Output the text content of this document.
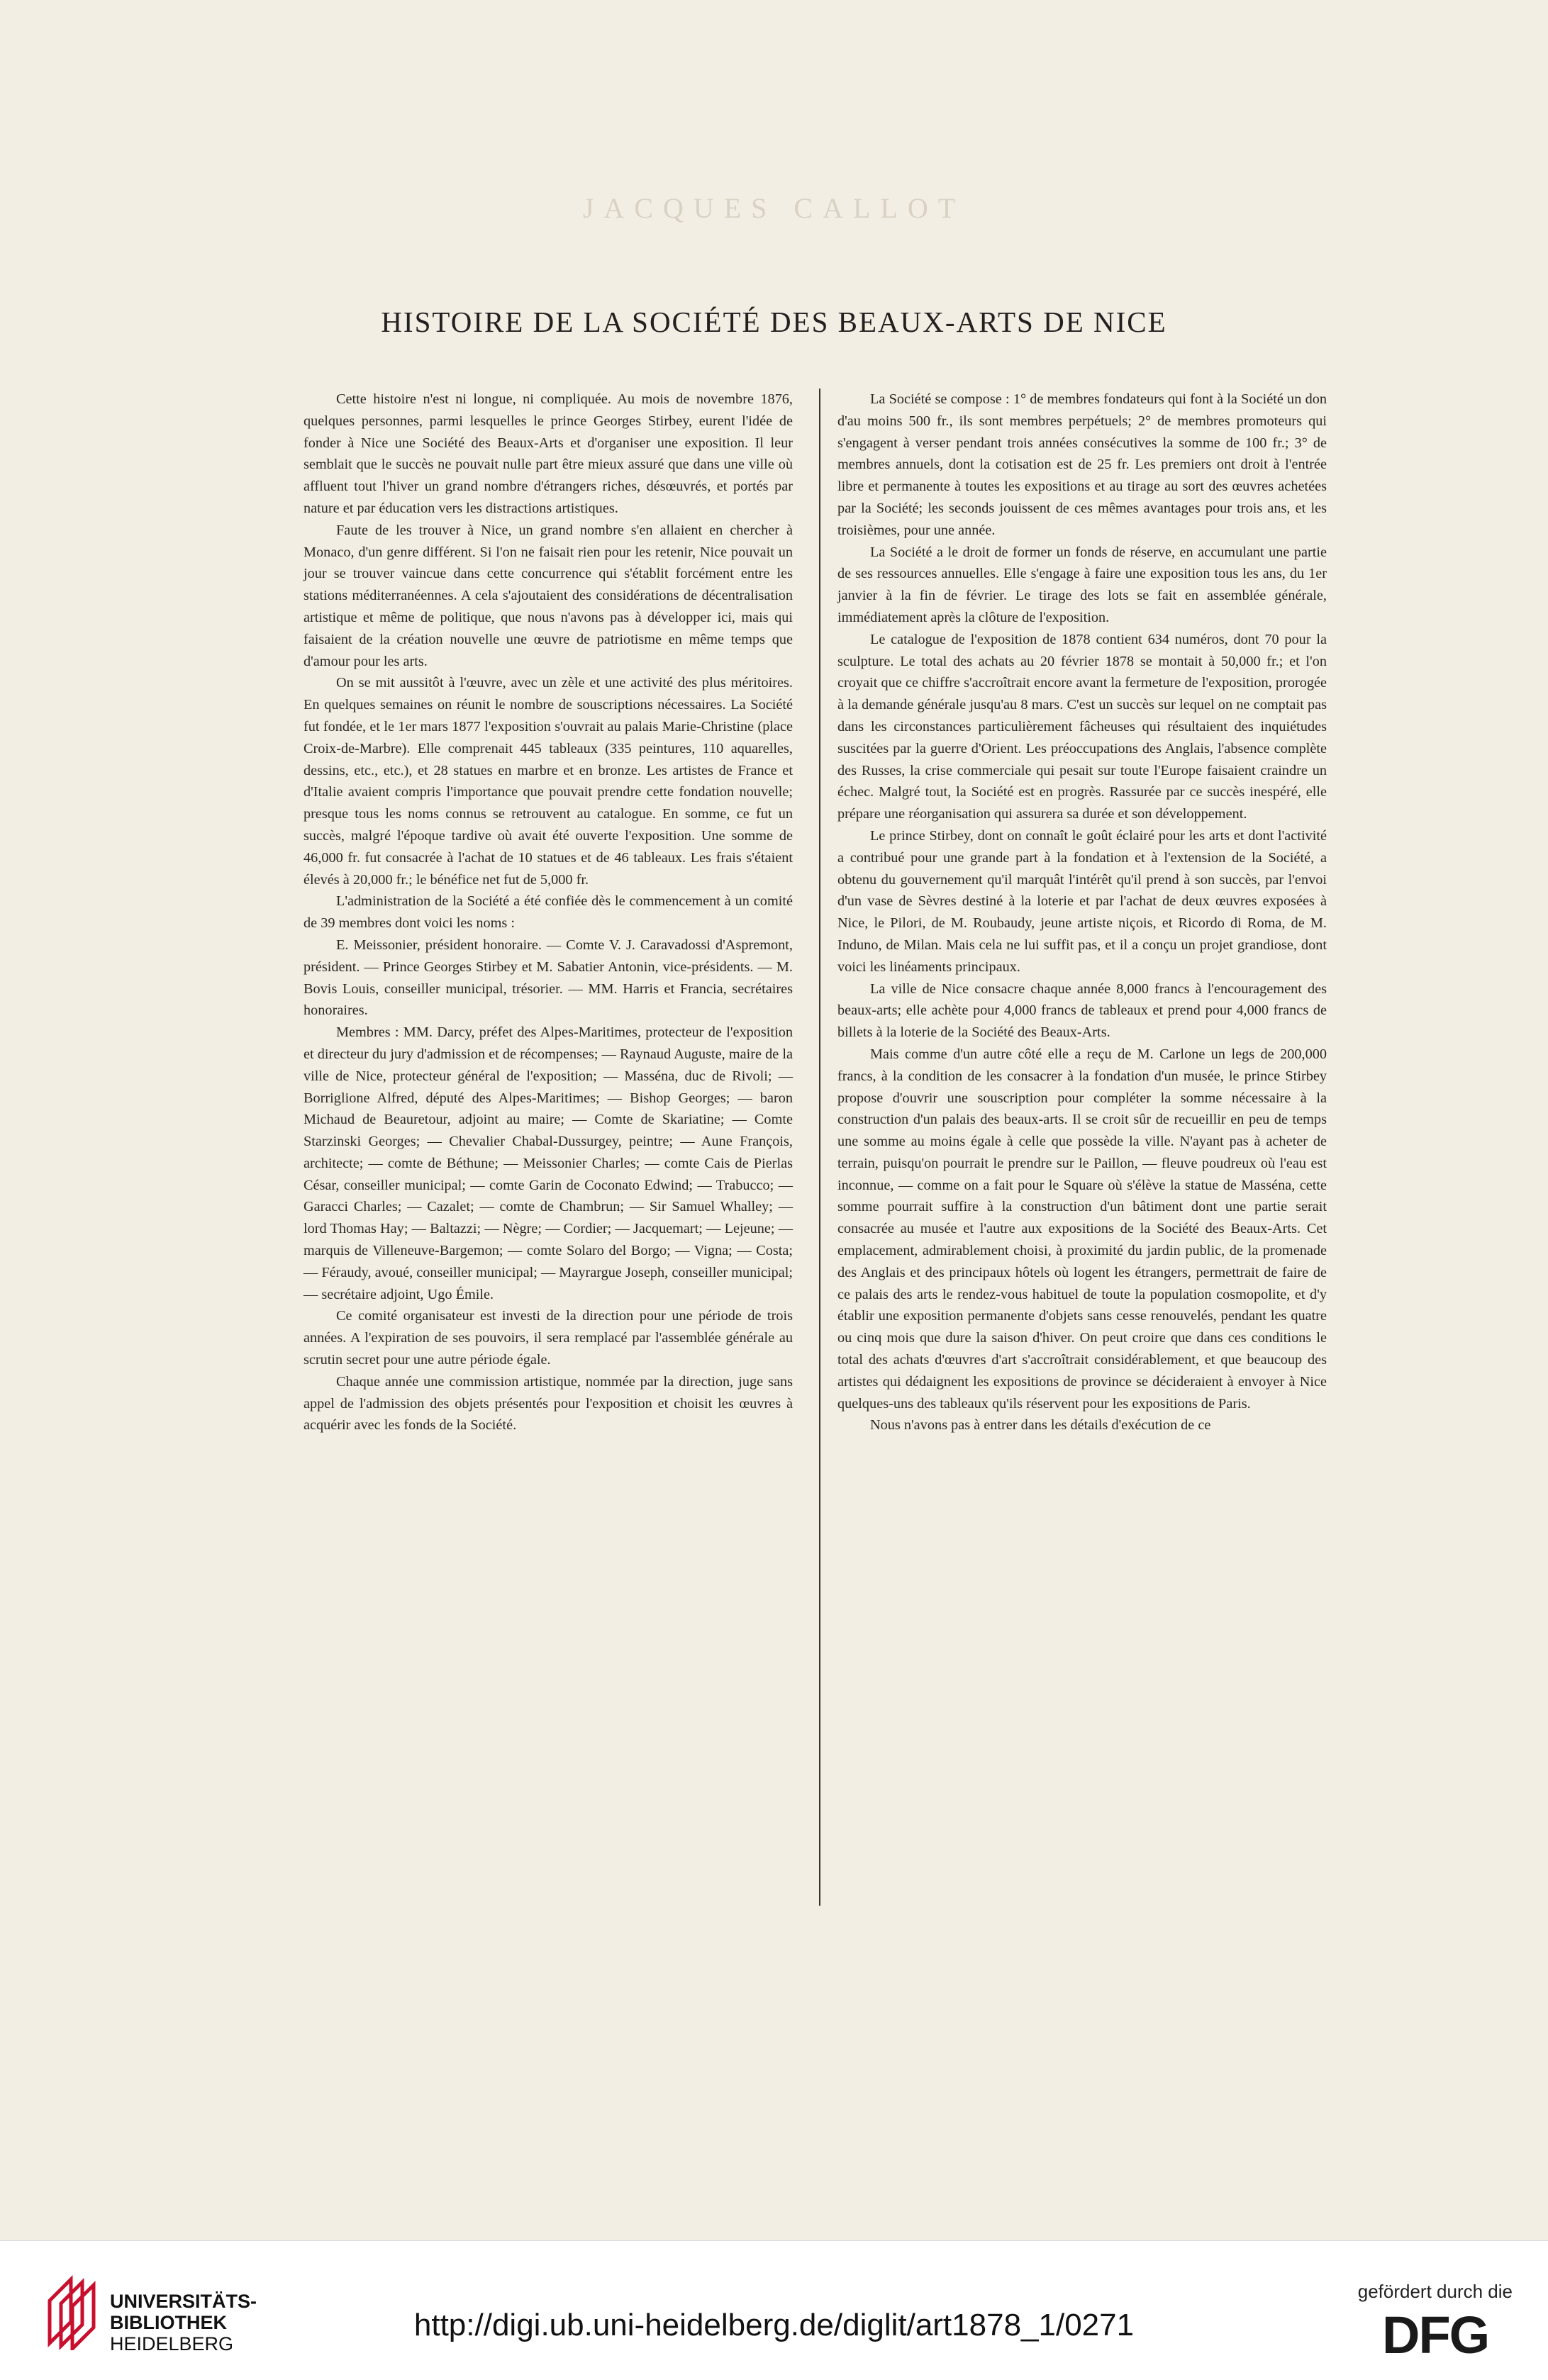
JACQUES CALLOT
HISTOIRE DE LA SOCIÉTÉ DES BEAUX-ARTS DE NICE

Cette histoire n'est ni longue, ni compliquée. Au mois de novembre 1876, quelques personnes, parmi lesquelles le prince Georges Stirbey, eurent l'idée de fonder à Nice une Société des Beaux-Arts et d'organiser une exposition. Il leur semblait que le succès ne pouvait nulle part être mieux assuré que dans une ville où affluent tout l'hiver un grand nombre d'étrangers riches, désœuvrés, et portés par nature et par éducation vers les distractions artistiques.

Faute de les trouver à Nice, un grand nombre s'en allaient en chercher à Monaco, d'un genre différent. Si l'on ne faisait rien pour les retenir, Nice pouvait un jour se trouver vaincue dans cette concurrence qui s'établit forcément entre les stations méditerranéennes. A cela s'ajoutaient des considérations de décentralisation artistique et même de politique, que nous n'avons pas à développer ici, mais qui faisaient de la création nouvelle une œuvre de patriotisme en même temps que d'amour pour les arts.

On se mit aussitôt à l'œuvre, avec un zèle et une activité des plus méritoires. En quelques semaines on réunit le nombre de souscriptions nécessaires. La Société fut fondée, et le 1er mars 1877 l'exposition s'ouvrait au palais Marie-Christine (place Croix-de-Marbre). Elle comprenait 445 tableaux (335 peintures, 110 aquarelles, dessins, etc., etc.), et 28 statues en marbre et en bronze. Les artistes de France et d'Italie avaient compris l'importance que pouvait prendre cette fondation nouvelle; presque tous les noms connus se retrouvent au catalogue. En somme, ce fut un succès, malgré l'époque tardive où avait été ouverte l'exposition. Une somme de 46,000 fr. fut consacrée à l'achat de 10 statues et de 46 tableaux. Les frais s'étaient élevés à 20,000 fr.; le bénéfice net fut de 5,000 fr.

L'administration de la Société a été confiée dès le commencement à un comité de 39 membres dont voici les noms :

E. Meissonier, président honoraire. — Comte V. J. Caravadossi d'Aspremont, président. — Prince Georges Stirbey et M. Sabatier Antonin, vice-présidents. — M. Bovis Louis, conseiller municipal, trésorier. — MM. Harris et Francia, secrétaires honoraires.

Membres : MM. Darcy, préfet des Alpes-Maritimes, protecteur de l'exposition et directeur du jury d'admission et de récompenses; — Raynaud Auguste, maire de la ville de Nice, protecteur général de l'exposition; — Masséna, duc de Rivoli; — Borriglione Alfred, député des Alpes-Maritimes; — Bishop Georges; — baron Michaud de Beauretour, adjoint au maire; — Comte de Skariatine; — Comte Starzinski Georges; — Chevalier Chabal-Dussurgey, peintre; — Aune François, architecte; — comte de Béthune; — Meissonier Charles; — comte Cais de Pierlas César, conseiller municipal; — comte Garin de Coconato Edwind; — Trabucco; — Garacci Charles; — Cazalet; — comte de Chambrun; — Sir Samuel Whalley; — lord Thomas Hay; — Baltazzi; — Nègre; — Cordier; — Jacquemart; — Lejeune; — marquis de Villeneuve-Bargemon; — comte Solaro del Borgo; — Vigna; — Costa; — Féraudy, avoué, conseiller municipal; — Mayrargue Joseph, conseiller municipal; — secrétaire adjoint, Ugo Émile.

Ce comité organisateur est investi de la direction pour une période de trois années. A l'expiration de ses pouvoirs, il sera remplacé par l'assemblée générale au scrutin secret pour une autre période égale.

Chaque année une commission artistique, nommée par la direction, juge sans appel de l'admission des objets présentés pour l'exposition et choisit les œuvres à acquérir avec les fonds de la Société.

La Société se compose : 1° de membres fondateurs qui font à la Société un don d'au moins 500 fr., ils sont membres perpétuels; 2° de membres promoteurs qui s'engagent à verser pendant trois années consécutives la somme de 100 fr.; 3° de membres annuels, dont la cotisation est de 25 fr. Les premiers ont droit à l'entrée libre et permanente à toutes les expositions et au tirage au sort des œuvres achetées par la Société; les seconds jouissent de ces mêmes avantages pour trois ans, et les troisièmes, pour une année.

La Société a le droit de former un fonds de réserve, en accumulant une partie de ses ressources annuelles. Elle s'engage à faire une exposition tous les ans, du 1er janvier à la fin de février. Le tirage des lots se fait en assemblée générale, immédiatement après la clôture de l'exposition.

Le catalogue de l'exposition de 1878 contient 634 numéros, dont 70 pour la sculpture. Le total des achats au 20 février 1878 se montait à 50,000 fr.; et l'on croyait que ce chiffre s'accroîtrait encore avant la fermeture de l'exposition, prorogée à la demande générale jusqu'au 8 mars. C'est un succès sur lequel on ne comptait pas dans les circonstances particulièrement fâcheuses qui résultaient des inquiétudes suscitées par la guerre d'Orient. Les préoccupations des Anglais, l'absence complète des Russes, la crise commerciale qui pesait sur toute l'Europe faisaient craindre un échec. Malgré tout, la Société est en progrès. Rassurée par ce succès inespéré, elle prépare une réorganisation qui assurera sa durée et son développement.

Le prince Stirbey, dont on connaît le goût éclairé pour les arts et dont l'activité a contribué pour une grande part à la fondation et à l'extension de la Société, a obtenu du gouvernement qu'il marquât l'intérêt qu'il prend à son succès, par l'envoi d'un vase de Sèvres destiné à la loterie et par l'achat de deux œuvres exposées à Nice, le Pilori, de M. Roubaudy, jeune artiste niçois, et Ricordo di Roma, de M. Induno, de Milan. Mais cela ne lui suffit pas, et il a conçu un projet grandiose, dont voici les linéaments principaux.

La ville de Nice consacre chaque année 8,000 francs à l'encouragement des beaux-arts; elle achète pour 4,000 francs de tableaux et prend pour 4,000 francs de billets à la loterie de la Société des Beaux-Arts.

Mais comme d'un autre côté elle a reçu de M. Carlone un legs de 200,000 francs, à la condition de les consacrer à la fondation d'un musée, le prince Stirbey propose d'ouvrir une souscription pour compléter la somme nécessaire à la construction d'un palais des beaux-arts. Il se croit sûr de recueillir en peu de temps une somme au moins égale à celle que possède la ville. N'ayant pas à acheter de terrain, puisqu'on pourrait le prendre sur le Paillon, — fleuve poudreux où l'eau est inconnue, — comme on a fait pour le Square où s'élève la statue de Masséna, cette somme pourrait suffire à la construction d'un bâtiment dont une partie serait consacrée au musée et l'autre aux expositions de la Société des Beaux-Arts. Cet emplacement, admirablement choisi, à proximité du jardin public, de la promenade des Anglais et des principaux hôtels où logent les étrangers, permettrait de faire de ce palais des arts le rendez-vous habituel de toute la population cosmopolite, et d'y établir une exposition permanente d'objets sans cesse renouvelés, pendant les quatre ou cinq mois que dure la saison d'hiver. On peut croire que dans ces conditions le total des achats d'œuvres d'art s'accroîtrait considérablement, et que beaucoup des artistes qui dédaignent les expositions de province se décideraient à envoyer à Nice quelques-uns des tableaux qu'ils réservent pour les expositions de Paris.

Nous n'avons pas à entrer dans les détails d'exécution de ce

UNIVERSITÄTS-
BIBLIOTHEK
HEIDELBERG
http://digi.ub.uni-heidelberg.de/diglit/art1878_1/0271
gefördert durch die
DFG
